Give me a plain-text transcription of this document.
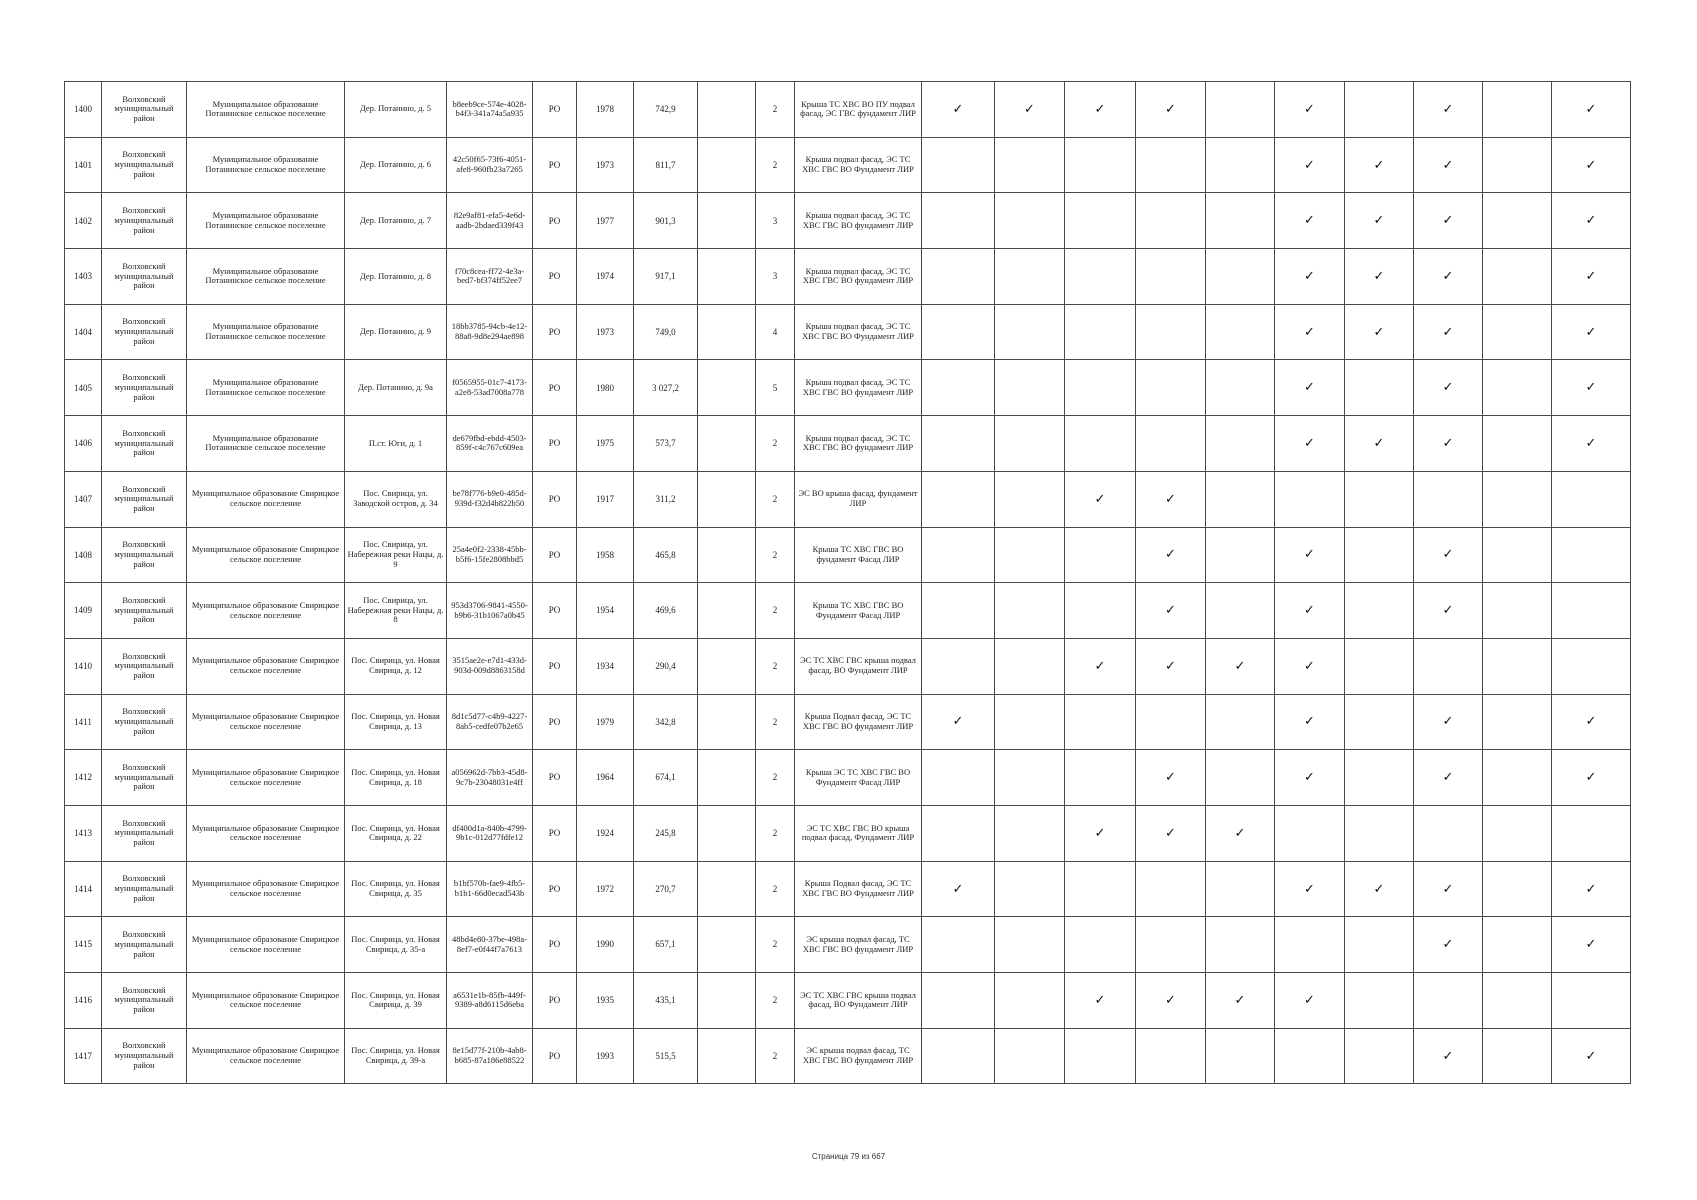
1400	Волховский муниципальный район	Муниципальное образование Потанинское сельское поселение	Дер. Потанино, д. 5	b8eeb9ce-574e-4028-b4f3-341a74a5a935	РО	1978	742,9		2	Крыша ТС ХВС ВО ПУ подвал фасад, ЭС ГВС фундамент ЛИР	✓	✓	✓	✓		✓		✓		✓
1401	Волховский муниципальный район	Муниципальное образование Потанинское сельское поселение	Дер. Потанино, д. 6	42c50f65-73f6-4051-afe8-960fb23a7265	РО	1973	811,7		2	Крыша подвал фасад, ЭС ТС ХВС ГВС ВО Фундамент ЛИР						✓	✓	✓		✓
1402	Волховский муниципальный район	Муниципальное образование Потанинское сельское поселение	Дер. Потанино, д. 7	82e9af81-efa5-4e6d-aadb-2bdaed339f43	РО	1977	901,3		3	Крыша подвал фасад, ЭС ТС ХВС ГВС ВО фундамент ЛИР						✓	✓	✓		✓
1403	Волховский муниципальный район	Муниципальное образование Потанинское сельское поселение	Дер. Потанино, д. 8	f70c8cea-ff72-4e3a-bed7-bf374ff52ee7	РО	1974	917,1		3	Крыша подвал фасад, ЭС ТС ХВС ГВС ВО фундамент ЛИР						✓	✓	✓		✓
1404	Волховский муниципальный район	Муниципальное образование Потанинское сельское поселение	Дер. Потанино, д. 9	18bb3785-94cb-4e12-88a8-9d8e294ae898	РО	1973	749,0		4	Крыша подвал фасад, ЭС ТС ХВС ГВС ВО Фундамент ЛИР						✓	✓	✓		✓
1405	Волховский муниципальный район	Муниципальное образование Потанинское сельское поселение	Дер. Потанино, д. 9а	f0565955-01c7-4173-a2e8-53ad7008a778	РО	1980	3 027,2		5	Крыша подвал фасад, ЭС ТС ХВС ГВС ВО фундамент ЛИР						✓		✓		✓
1406	Волховский муниципальный район	Муниципальное образование Потанинское сельское поселение	П.ст. Юги, д. 1	de679fbd-ebdd-4503-859f-c4c767c609ea	РО	1975	573,7		2	Крыша подвал фасад, ЭС ТС ХВС ГВС ВО фундамент ЛИР						✓	✓	✓		✓
1407	Волховский муниципальный район	Муниципальное образование Свирицкое сельское поселение	Пос. Свирица, ул. Заводской остров, д. 34	be78f776-b9e0-485d-939d-f32d4b822b50	РО	1917	311,2		2	ЭС ВО крыша фасад, фундамент ЛИР			✓	✓						
1408	Волховский муниципальный район	Муниципальное образование Свирицкое сельское поселение	Пос. Свирица, ул. Набережная реки Нацы, д. 9	25a4e0f2-2338-45bb-b5f6-15fe2808bbd5	РО	1958	465,8		2	Крыша ТС ХВС ГВС ВО фундамент Фасад ЛИР				✓		✓		✓		
1409	Волховский муниципальный район	Муниципальное образование Свирицкое сельское поселение	Пос. Свирица, ул. Набережная реки Нацы, д. 8	953d3706-9841-4550-b9b6-31b1067a0b45	РО	1954	469,6		2	Крыша ТС ХВС ГВС ВО Фундамент Фасад ЛИР				✓		✓		✓		
1410	Волховский муниципальный район	Муниципальное образование Свирицкое сельское поселение	Пос. Свирица, ул. Новая Свирица, д. 12	3515ae2e-e7d1-433d-903d-009d8863158d	РО	1934	290,4		2	ЭС ТС ХВС ГВС крыша подвал фасад, ВО Фундамент ЛИР			✓	✓	✓	✓				
1411	Волховский муниципальный район	Муниципальное образование Свирицкое сельское поселение	Пос. Свирица, ул. Новая Свирица, д. 13	8d1c5d77-c4b9-4227-8ab5-cedfe07b2e65	РО	1979	342,8		2	Крыша Подвал фасад, ЭС ТС ХВС ГВС ВО фундамент ЛИР	✓					✓		✓		✓
1412	Волховский муниципальный район	Муниципальное образование Свирицкое сельское поселение	Пос. Свирица, ул. Новая Свирица, д. 18	a056962d-7bb3-45d8-9c7b-23048031e4ff	РО	1964	674,1		2	Крыша ЭС ТС ХВС ГВС ВО Фундамент Фасад ЛИР				✓		✓		✓		✓
1413	Волховский муниципальный район	Муниципальное образование Свирицкое сельское поселение	Пос. Свирица, ул. Новая Свирица, д. 22	df400d1a-840b-4799-9b1c-012d77fdfe12	РО	1924	245,8		2	ЭС ТС ХВС ГВС ВО крыша подвал фасад, Фундамент ЛИР			✓	✓	✓					
1414	Волховский муниципальный район	Муниципальное образование Свирицкое сельское поселение	Пос. Свирица, ул. Новая Свирица, д. 35	b1bf570b-fae9-4fb5-b1b1-66d0ecad543b	РО	1972	270,7		2	Крыша Подвал фасад, ЭС ТС ХВС ГВС ВО Фундамент ЛИР	✓					✓	✓	✓		✓
1415	Волховский муниципальный район	Муниципальное образование Свирицкое сельское поселение	Пос. Свирица, ул. Новая Свирица, д. 35-а	48bd4e80-37be-498a-8ef7-e0f44f7a7613	РО	1990	657,1		2	ЭС крыша подвал фасад, ТС ХВС ГВС ВО фундамент ЛИР								✓		✓
1416	Волховский муниципальный район	Муниципальное образование Свирицкое сельское поселение	Пос. Свирица, ул. Новая Свирица, д. 39	a6531e1b-85fb-449f-9389-a8d6115d6eba	РО	1935	435,1		2	ЭС ТС ХВС ГВС крыша подвал фасад, ВО Фундамент ЛИР			✓	✓	✓	✓				
1417	Волховский муниципальный район	Муниципальное образование Свирицкое сельское поселение	Пос. Свирица, ул. Новая Свирица, д. 39-а	8e15d77f-210b-4ab8-b685-87a186e88522	РО	1993	515,5		2	ЭС крыша подвал фасад, ТС ХВС ГВС ВО фундамент ЛИР								✓		✓
Страница 79 из 667
